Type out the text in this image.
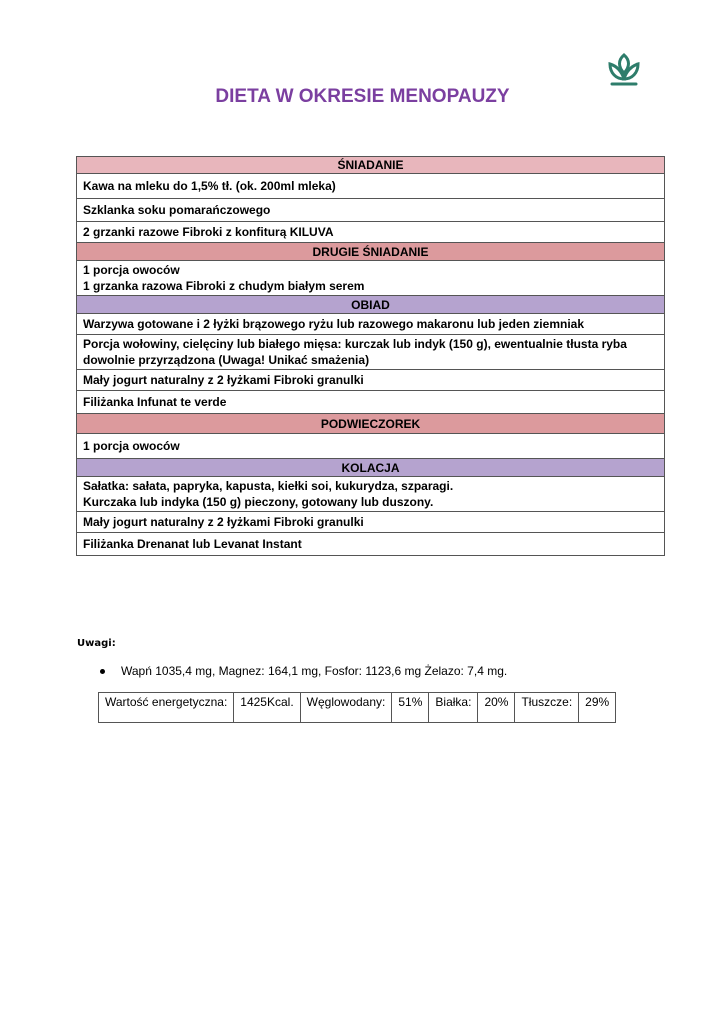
DIETA W OKRESIE MENOPAUZY
ŚNIADANIE
Kawa na mleku do 1,5% tł. (ok. 200ml mleka)
Szklanka soku pomarańczowego
2 grzanki razowe Fibroki z konfiturą KILUVA
DRUGIE ŚNIADANIE

1 porcja owoców
1 grzanka razowa Fibroki z chudym białym serem

OBIAD
Warzywa gotowane i 2 łyżki brązowego ryżu lub razowego makaronu lub jeden ziemniak

Porcja wołowiny, cielęciny lub białego mięsa: kurczak lub indyk (150 g), ewentualnie tłusta ryba
dowolnie przyrządzona (Uwaga! Unikać smażenia)

Mały jogurt naturalny z 2 łyżkami Fibroki granulki
Filiżanka Infunat te verde
PODWIECZOREK
1 porcja owoców
KOLACJA

Sałatka: sałata, papryka, kapusta, kiełki soi, kukurydza, szparagi.
Kurczaka lub indyka (150 g) pieczony, gotowany lub duszony.

Mały jogurt naturalny z 2 łyżkami Fibroki granulki
Filiżanka Drenanat lub Levanat Instant
Uwagi:
Wapń 1035,4 mg, Magnez: 164,1 mg, Fosfor: 1123,6 mg Żelazo: 7,4 mg.
Wartość energetyczna:	1425Kcal.	Węglowodany:	51%	Białka:	20%	Tłuszcze:	29%
